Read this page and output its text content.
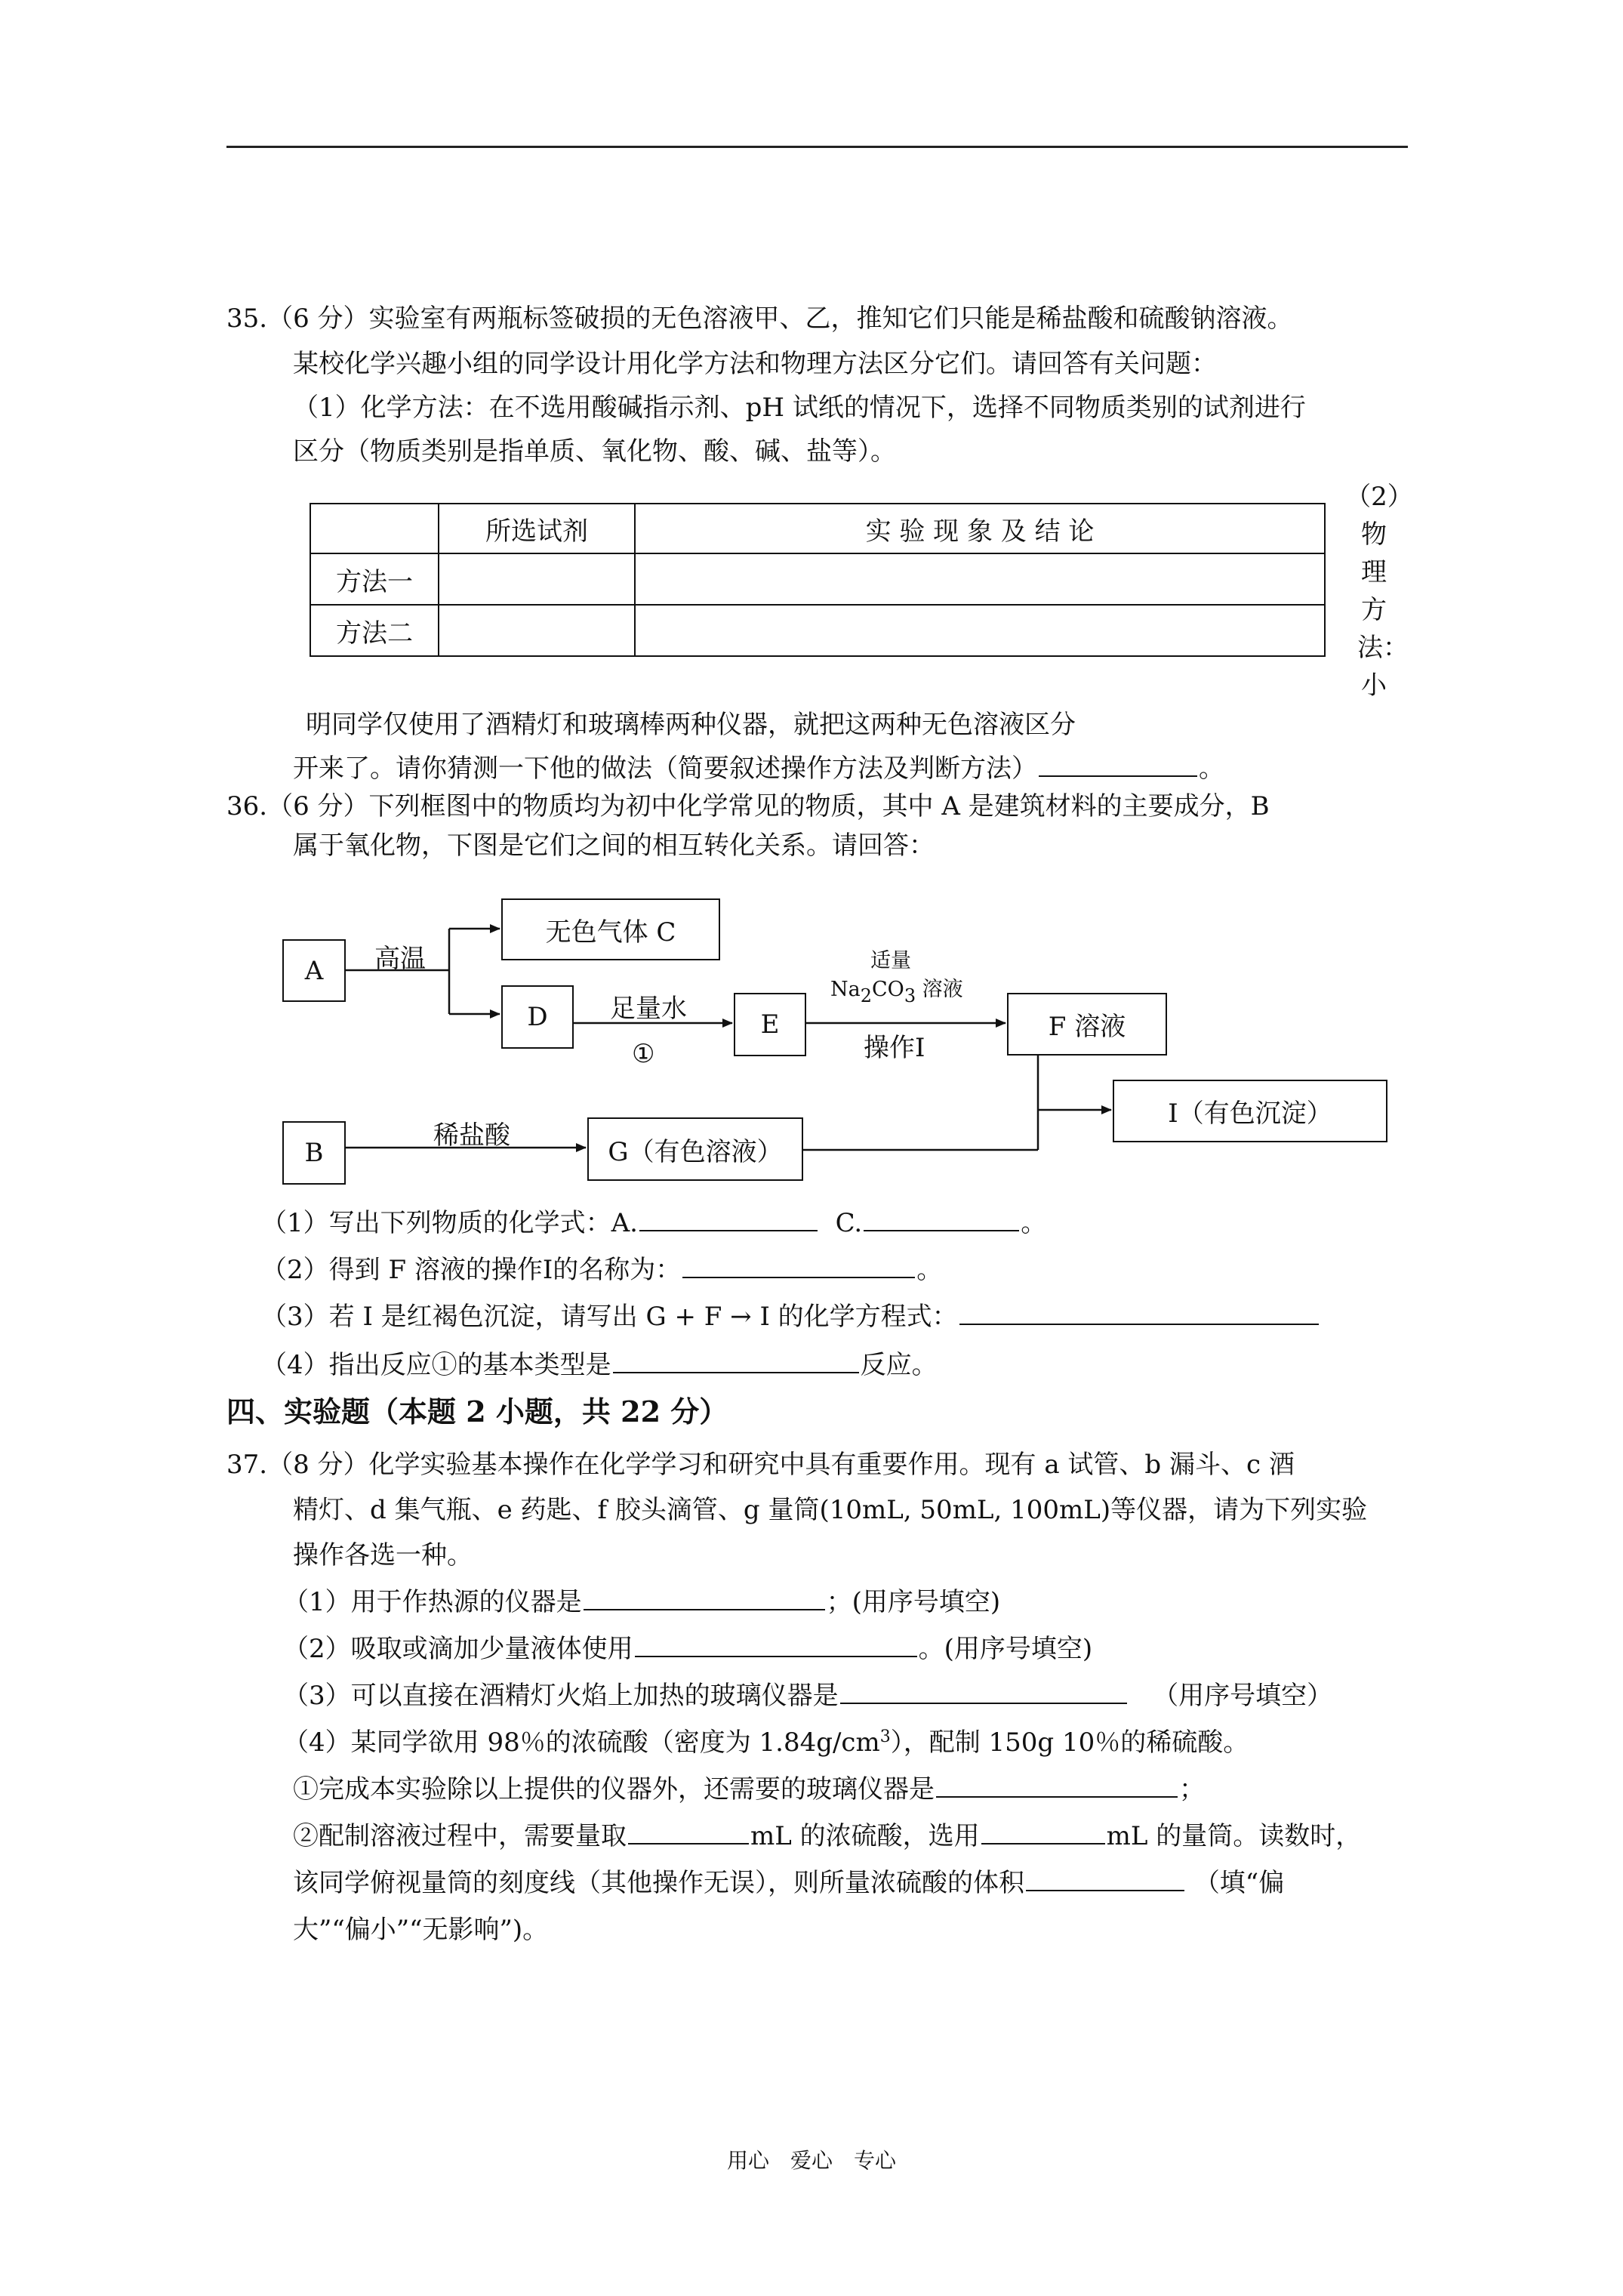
35.（6 分）实验室有两瓶标签破损的无色溶液甲、乙，推知它们只能是稀盐酸和硫酸钠溶液。
某校化学兴趣小组的同学设计用化学方法和物理方法区分它们。请回答有关问题：
（1）化学方法：在不选用酸碱指示剂、pH 试纸的情况下，选择不同物质类别的试剂进行
区分（物质类别是指单质、氧化物、酸、碱、盐等）。
	所选试剂	实 验 现 象 及 结 论
方法一		
方法二		
（2）
物
理
方
法：
小
明同学仅使用了酒精灯和玻璃棒两种仪器，就把这两种无色溶液区分
开来了。请你猜测一下他的做法（简要叙述操作方法及判断方法）	。
36.（6 分）下列框图中的物质均为初中化学常见的物质，其中 A 是建筑材料的主要成分，B
属于氧化物，下图是它们之间的相互转化关系。请回答：
A
无色气体 C
D	E	F 溶液
I（有色沉淀）
B	G（有色溶液）
高温
足量水
①
适量
Na2CO3 溶液
操作Ⅰ
稀盐酸
（1）写出下列物质的化学式：A.	C.	。
（2）得到 F 溶液的操作Ⅰ的名称为：	。
（3）若 I 是红褐色沉淀，请写出 G + F → I 的化学方程式：
（4）指出反应①的基本类型是	反应。
四、实验题（本题 2 小题，共 22 分）
37.（8 分）化学实验基本操作在化学学习和研究中具有重要作用。现有 a 试管、b 漏斗、c 酒
精灯、d 集气瓶、e 药匙、f 胶头滴管、g 量筒(10mL, 50mL, 100mL)等仪器，请为下列实验
操作各选一种。
（1）用于作热源的仪器是	；(用序号填空)
（2）吸取或滴加少量液体使用	。(用序号填空)
（3）可以直接在酒精灯火焰上加热的玻璃仪器是	（用序号填空）
（4）某同学欲用 98％的浓硫酸（密度为 $1.84g/cm^3$），配制 150g 10％的稀硫酸。
①完成本实验除以上提供的仪器外，还需要的玻璃仪器是	；
②配制溶液过程中，需要量取	mL 的浓硫酸，选用	mL 的量筒。读数时，
该同学俯视量筒的刻度线（其他操作无误），则所量浓硫酸的体积	（填“偏
大”“偏小”“无影响”)。
用心　爱心　专心
